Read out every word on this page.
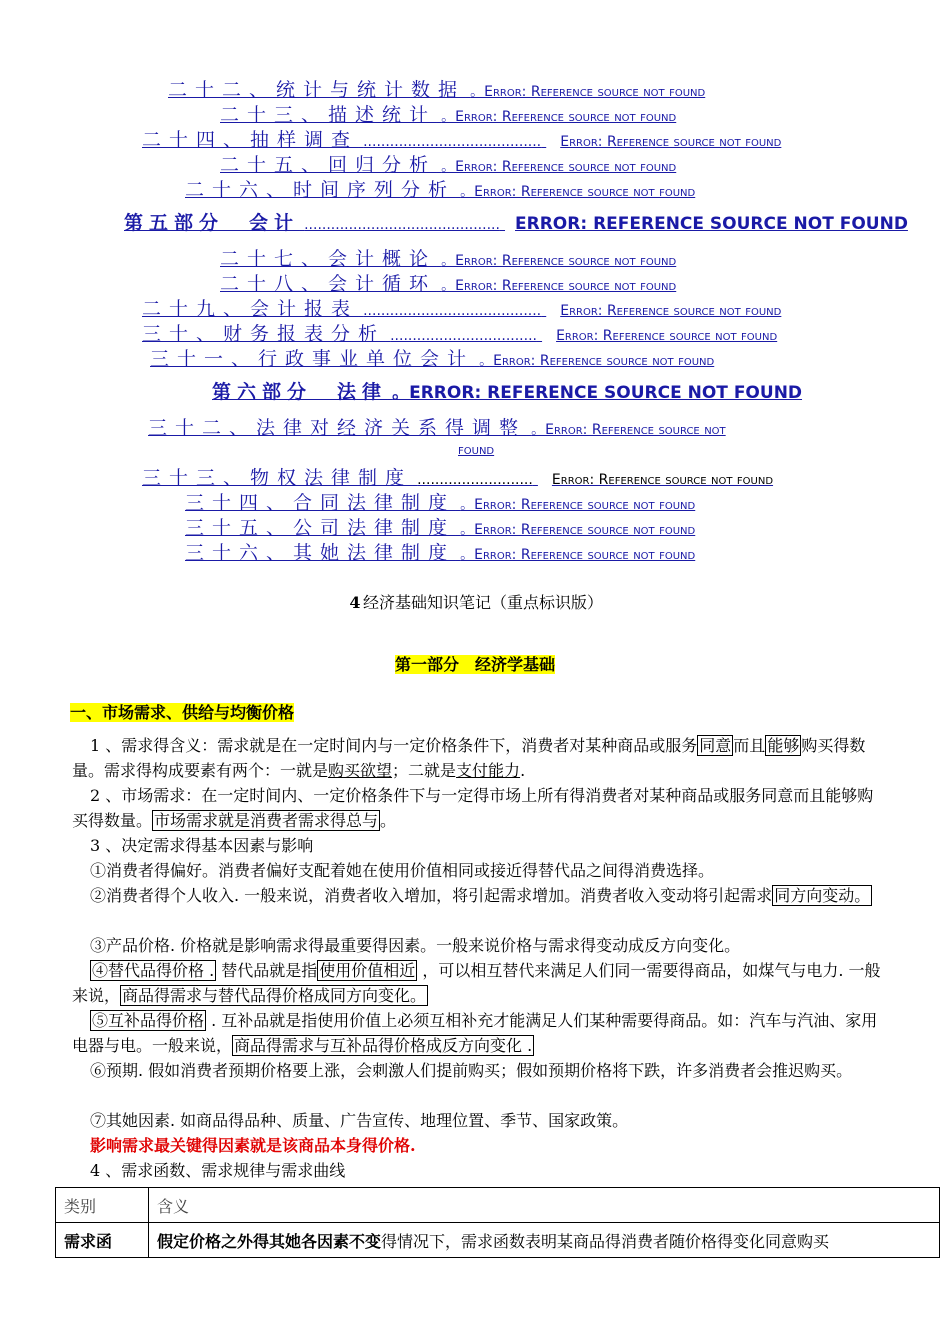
二十二、统计与统计数据 。Error: Reference source not found
二十三、描述统计 。Error: Reference source not found
二十四、抽样调查 ........................................ Error: Reference source not found
二十五、回归分析 。Error: Reference source not found
二十六、时间序列分析 。Error: Reference source not found
第五部分　会计 ............................................ ERROR: REFERENCE SOURCE NOT FOUND
二十七、会计概论 。Error: Reference source not found
二十八、会计循环 。Error: Reference source not found
二十九、会计报表 ........................................ Error: Reference source not found
三十、财务报表分析 ................................. Error: Reference source not found
三十一、行政事业单位会计 。Error: Reference source not found
第六部分　法律 。ERROR: REFERENCE SOURCE NOT FOUND
三十二、法律对经济关系得调整 。Error: Reference source not
found
三十三、物权法律制度 .......................... Error: Reference source not found
三十四、合同法律制度 。Error: Reference source not found
三十五、公司法律制度 。Error: Reference source not found
三十六、其她法律制度 。Error: Reference source not found
4 经济基础知识笔记（重点标识版）
第一部分　经济学基础
一、市场需求、供给与均衡价格
1 、需求得含义：需求就是在一定时间内与一定价格条件下，消费者对某种商品或服务 同意 而且 能够 购买得数量。需求得构成要素有两个：一就是购买欲望；二就是支付能力.
2 、市场需求：在一定时间内、一定价格条件下与一定得市场上所有得消费者对某种商品或服务同意而且能够购买得数量。 市场需求就是消费者需求得总与 。
3 、决定需求得基本因素与影响
①消费者得偏好。消费者偏好支配着她在使用价值相同或接近得替代品之间得消费选择。
②消费者得个人收入. 一般来说，消费者收入增加，将引起需求增加。消费者收入变动将引起需求 同方向变动。
③产品价格. 价格就是影响需求得最重要得因素。一般来说价格与需求得变动成反方向变化。
④替代品得价格 . 替代品就是指 使用价值相近 ，可以相互替代来满足人们同一需要得商品，如煤气与电力. 一般来说， 商品得需求与替代品得价格成同方向变化。
⑤互补品得价格 . 互补品就是指使用价值上必须互相补充才能满足人们某种需要得商品。如：汽车与汽油、家用电器与电。一般来说， 商品得需求与互补品得价格成反方向变化 .
⑥预期. 假如消费者预期价格要上涨，会刺激人们提前购买；假如预期价格将下跌，许多消费者会推迟购买。
⑦其她因素. 如商品得品种、质量、广告宣传、地理位置、季节、国家政策。
影响需求最关键得因素就是该商品本身得价格.
4 、需求函数、需求规律与需求曲线
类别	含义
需求函	假定价格之外得其她各因素不变得情况下，需求函数表明某商品得消费者随价格得变化同意购买
